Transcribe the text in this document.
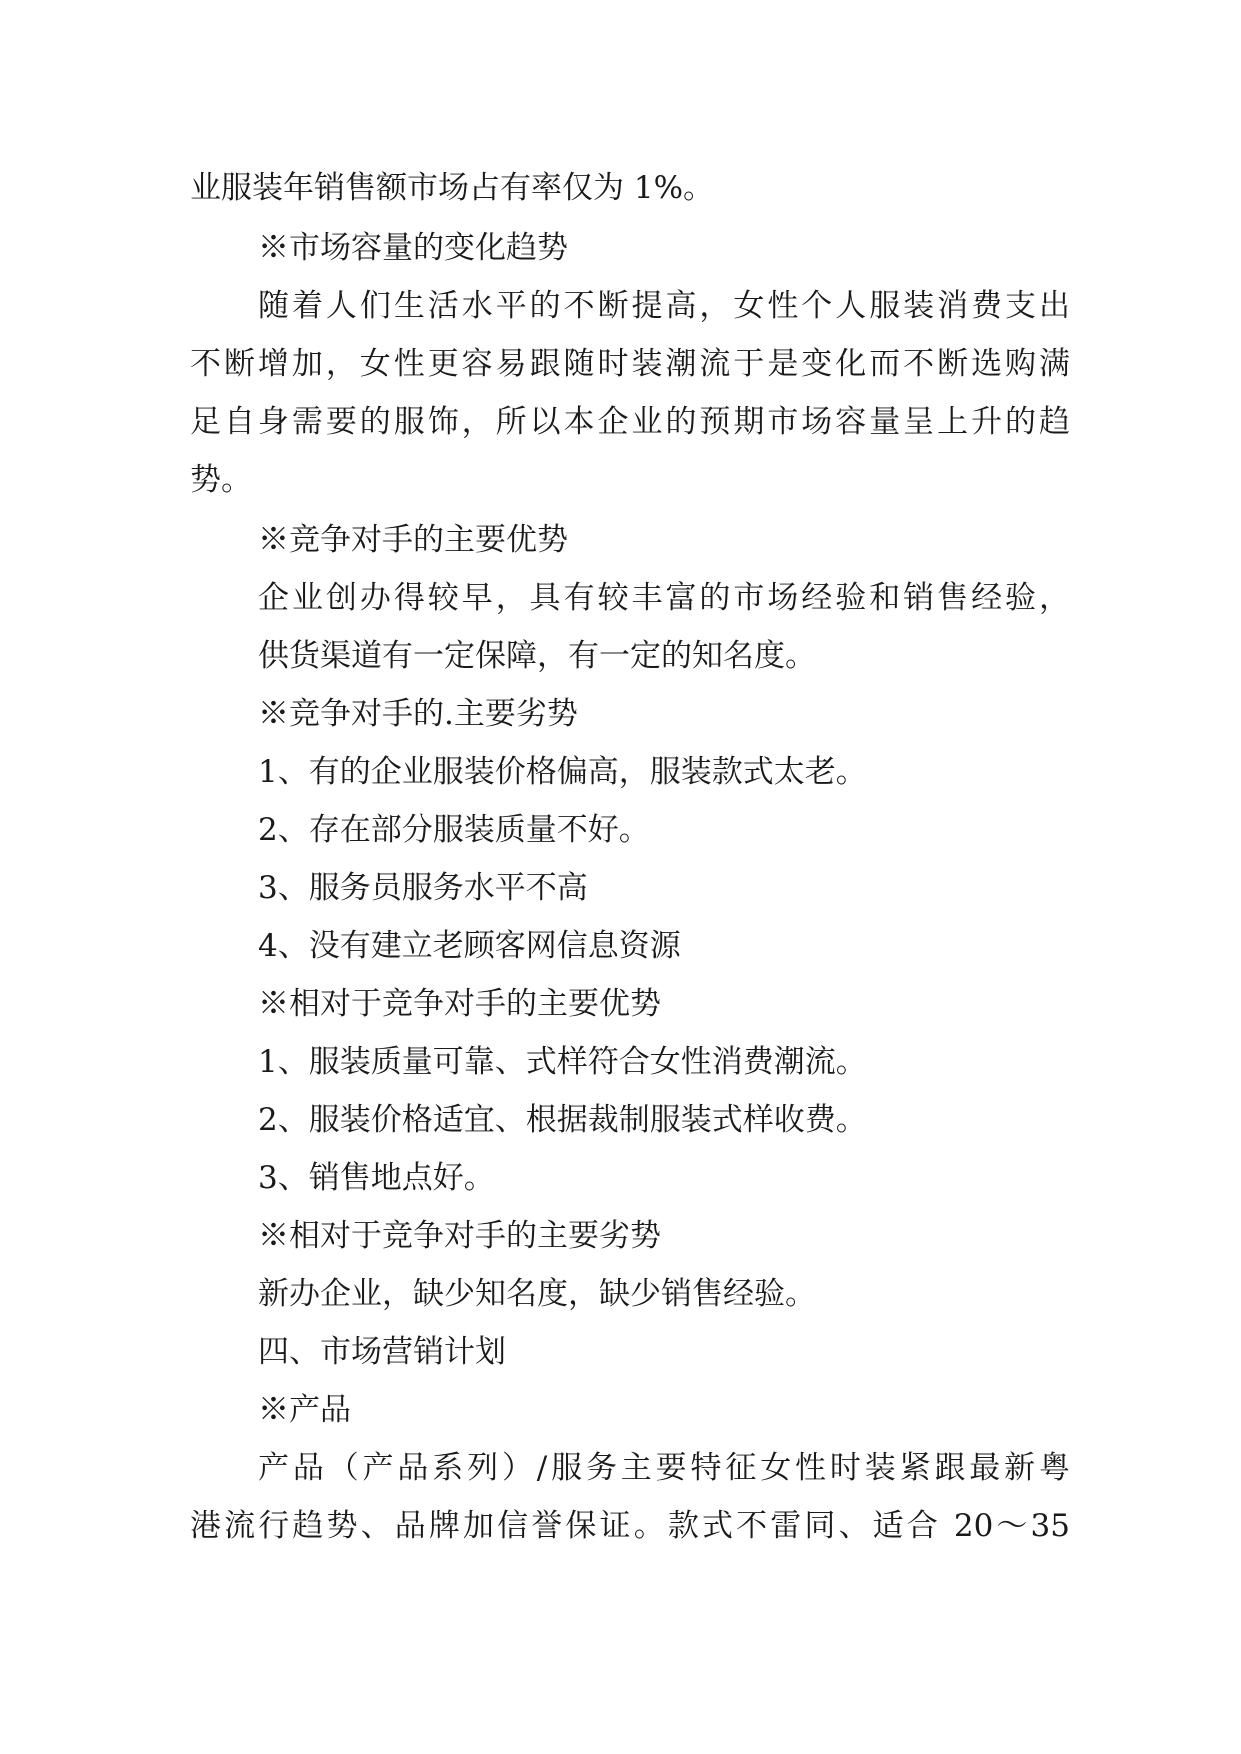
业服装年销售额市场占有率仅为 1%。
※市场容量的变化趋势
随着人们生活水平的不断提高，女性个人服装消费支出
不断增加，女性更容易跟随时装潮流于是变化而不断选购满
足自身需要的服饰，所以本企业的预期市场容量呈上升的趋
势。
※竞争对手的主要优势
企业创办得较早，具有较丰富的市场经验和销售经验，
供货渠道有一定保障，有一定的知名度。
※竞争对手的.主要劣势
1、有的企业服装价格偏高，服装款式太老。
2、存在部分服装质量不好。
3、服务员服务水平不高
4、没有建立老顾客网信息资源
※相对于竞争对手的主要优势
1、服装质量可靠、式样符合女性消费潮流。
2、服装价格适宜、根据裁制服装式样收费。
3、销售地点好。
※相对于竞争对手的主要劣势
新办企业，缺少知名度，缺少销售经验。
四、市场营销计划
※产品
产品（产品系列）/服务主要特征女性时装紧跟最新粤
港流行趋势、品牌加信誉保证。款式不雷同、适合 20～35
